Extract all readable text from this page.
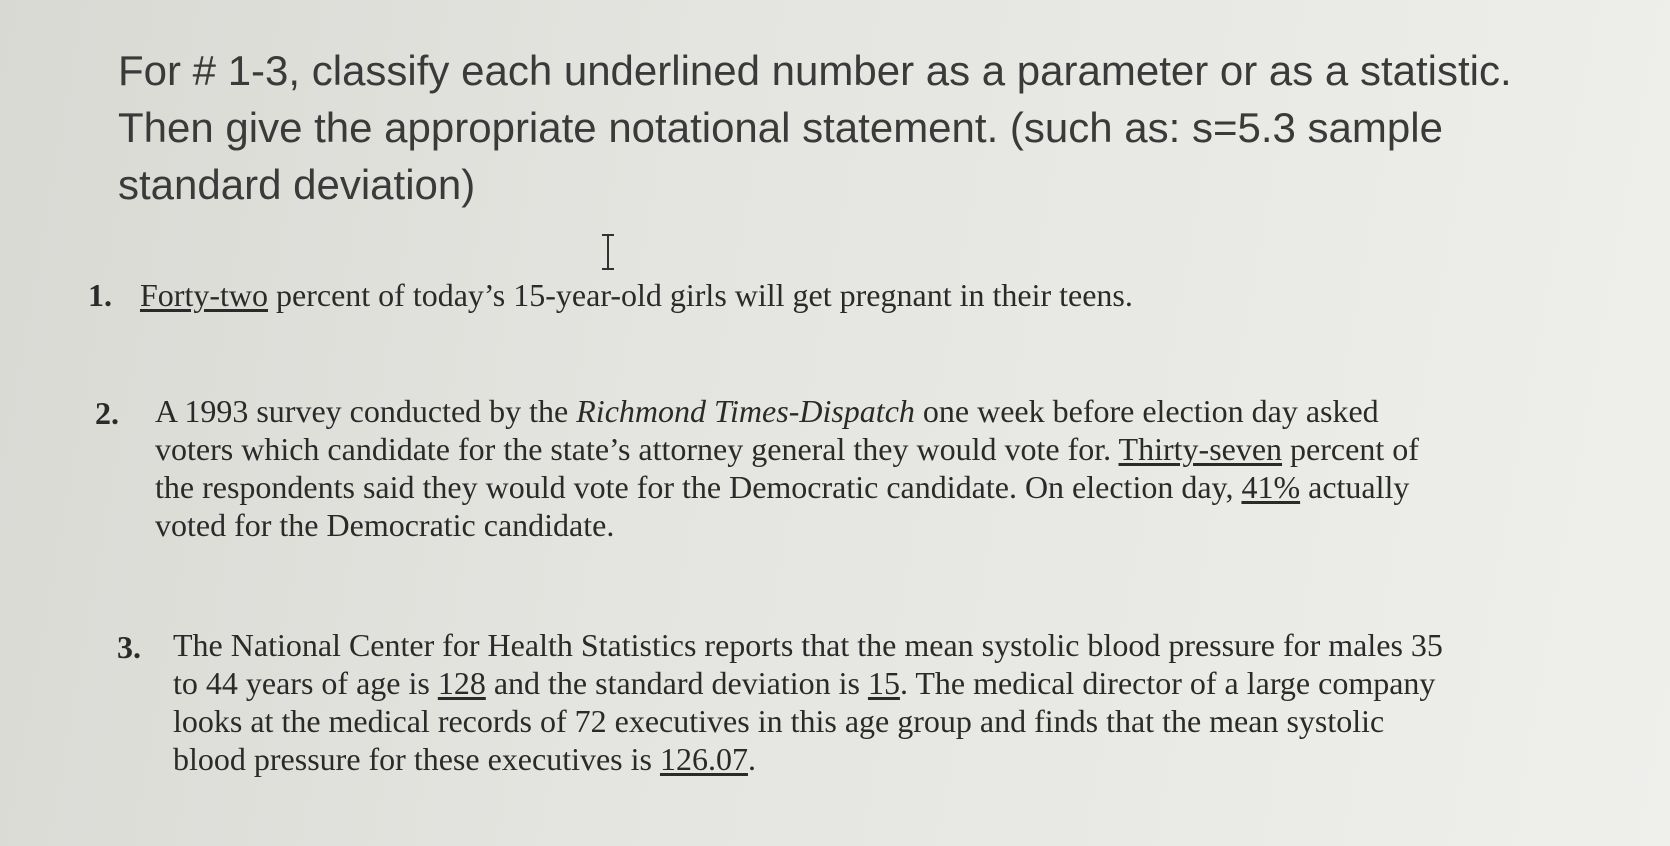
For # 1-3, classify each underlined number as a parameter or as a statistic.
Then give the appropriate notational statement. (such as: s=5.3 sample
standard deviation)

1. Forty-two percent of today’s 15-year-old girls will get pregnant in their teens.
2. A 1993 survey conducted by the Richmond Times-Dispatch one week before election day asked
voters which candidate for the state’s attorney general they would vote for. Thirty-seven percent of
the respondents said they would vote for the Democratic candidate. On election day, 41% actually
voted for the Democratic candidate.
3. The National Center for Health Statistics reports that the mean systolic blood pressure for males 35
to 44 years of age is 128 and the standard deviation is 15. The medical director of a large company
looks at the medical records of 72 executives in this age group and finds that the mean systolic
blood pressure for these executives is 126.07.
